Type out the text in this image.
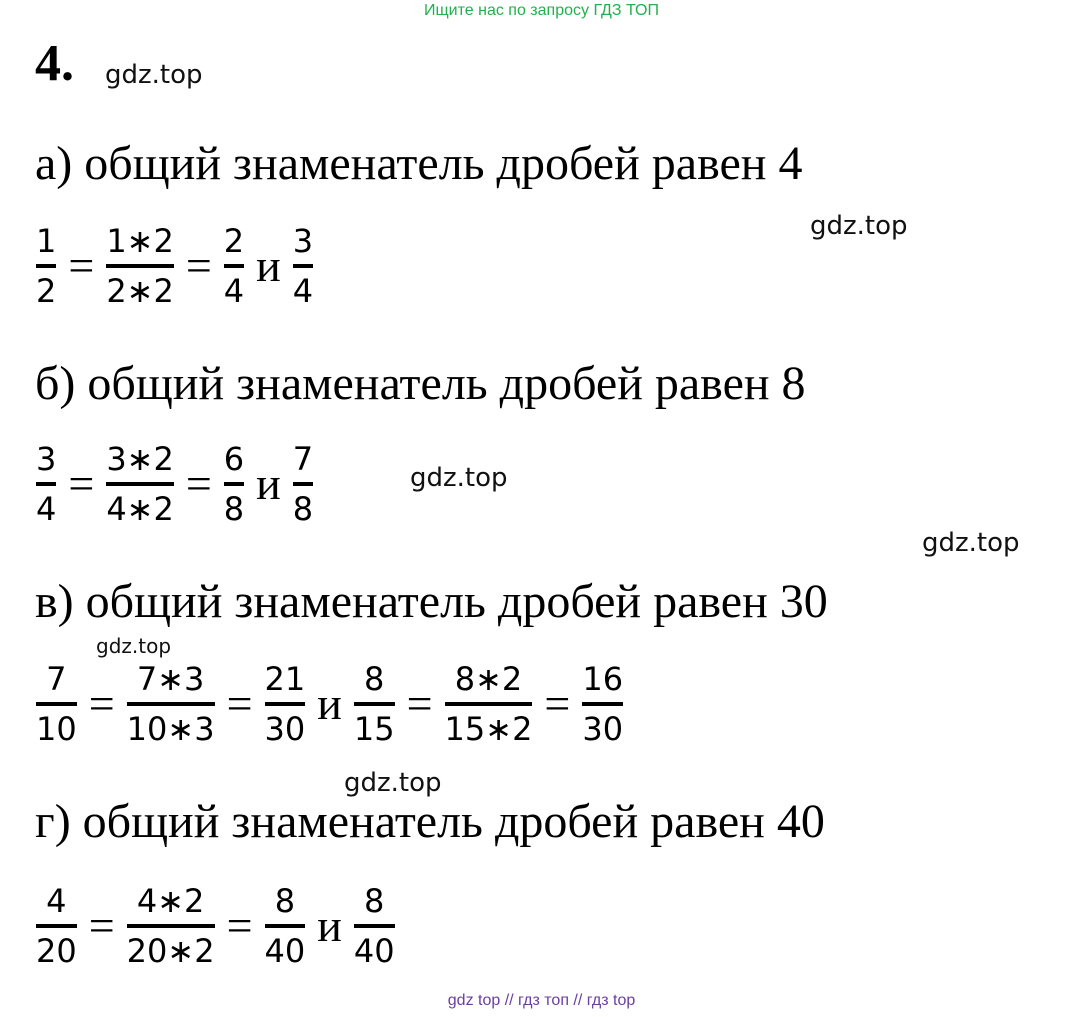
Ищите нас по запросу ГДЗ ТОП
4. gdz.top
а) общий знаменатель дробей равен 4
gdz.top
$\frac{1}{2} = \frac{1∗2}{2∗2} = \frac{2}{4}$ и $\frac{3}{4}$
б) общий знаменатель дробей равен 8
$\frac{3}{4} = \frac{3∗2}{4∗2} = \frac{6}{8}$ и $\frac{7}{8}$	gdz.top
gdz.top
в) общий знаменатель дробей равен 30
gdz.top
$\frac{7}{10} = \frac{7∗3}{10∗3} = \frac{21}{30}$ и $\frac{8}{15} = \frac{8∗2}{15∗2} = \frac{16}{30}$
gdz.top
г) общий знаменатель дробей равен 40
$\frac{4}{20} = \frac{4∗2}{20∗2} = \frac{8}{40}$ и $\frac{8}{40}$
gdz top // гдз топ // гдз top
